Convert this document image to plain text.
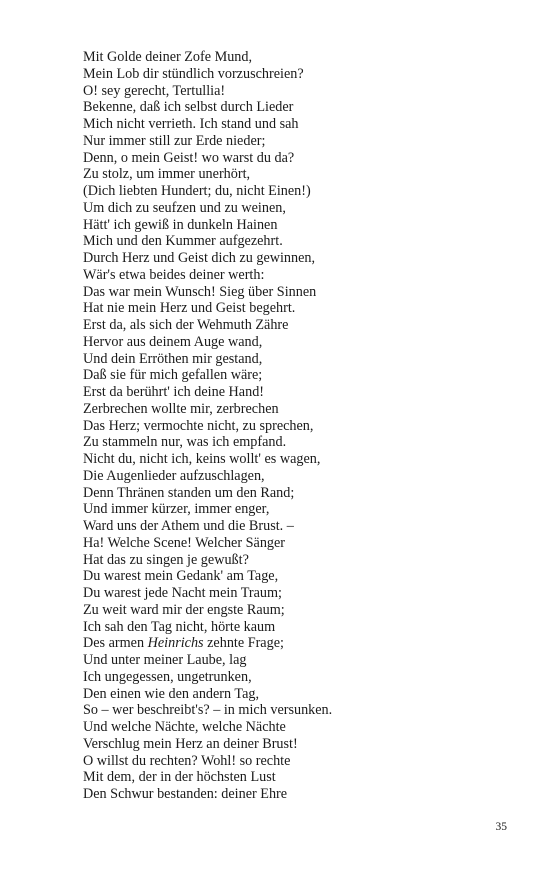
Mit Golde deiner Zofe Mund,
Mein Lob dir stündlich vorzuschreien?
O! sey gerecht, Tertullia!
Bekenne, daß ich selbst durch Lieder
Mich nicht verrieth. Ich stand und sah
Nur immer still zur Erde nieder;
Denn, o mein Geist! wo warst du da?
Zu stolz, um immer unerhört,
(Dich liebten Hundert; du, nicht Einen!)
Um dich zu seufzen und zu weinen,
Hätt' ich gewiß in dunkeln Hainen
Mich und den Kummer aufgezehrt.
Durch Herz und Geist dich zu gewinnen,
Wär's etwa beides deiner werth:
Das war mein Wunsch! Sieg über Sinnen
Hat nie mein Herz und Geist begehrt.
Erst da, als sich der Wehmuth Zähre
Hervor aus deinem Auge wand,
Und dein Erröthen mir gestand,
Daß sie für mich gefallen wäre;
Erst da berührt' ich deine Hand!
Zerbrechen wollte mir, zerbrechen
Das Herz; vermochte nicht, zu sprechen,
Zu stammeln nur, was ich empfand.
Nicht du, nicht ich, keins wollt' es wagen,
Die Augenlieder aufzuschlagen,
Denn Thränen standen um den Rand;
Und immer kürzer, immer enger,
Ward uns der Athem und die Brust. –
Ha! Welche Scene! Welcher Sänger
Hat das zu singen je gewußt?
Du warest mein Gedank' am Tage,
Du warest jede Nacht mein Traum;
Zu weit ward mir der engste Raum;
Ich sah den Tag nicht, hörte kaum
Des armen Heinrichs zehnte Frage;
Und unter meiner Laube, lag
Ich ungegessen, ungetrunken,
Den einen wie den andern Tag,
So – wer beschreibt's? – in mich versunken.
Und welche Nächte, welche Nächte
Verschlug mein Herz an deiner Brust!
O willst du rechten? Wohl! so rechte
Mit dem, der in der höchsten Lust
Den Schwur bestanden: deiner Ehre
35
